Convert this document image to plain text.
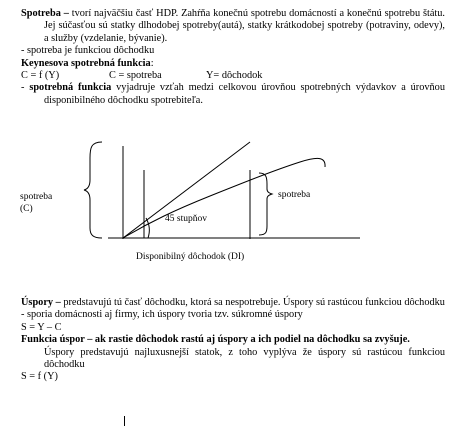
Spotreba – tvorí najväčšiu časť HDP. Zahŕňa konečnú spotrebu domácností a konečnú spotrebu štátu. Jej súčasťou sú statky dlhodobej spotreby(autá), statky krátkodobej spotreby (potraviny, odevy), a služby (vzdelanie, bývanie).

- spotreba je funkciou dôchodku

Keynesova spotrebná funkcia:

C = f (Y)	C = spotreba	Y= dôchodok

- spotrebná funkcia vyjadruje vzťah medzi celkovou úrovňou spotrebných výdavkov a úrovňou disponibilného dôchodku spotrebiteľa.

spotreba
(C)
45 stupňov
spotreba
Disponibilný dôchodok (DI)

Úspory – predstavujú tú časť dôchodku, ktorá sa nespotrebuje. Úspory sú rastúcou funkciou dôchodku

- sporia domácnosti aj firmy, ich úspory tvoria tzv. súkromné úspory

S = Y – C

Funkcia úspor – ak rastie dôchodok rastú aj úspory a ich podiel na dôchodku sa zvyšuje.

Úspory predstavujú najluxusnejší statok, z toho vyplýva že úspory sú rastúcou funkciou dôchodku

S = f (Y)
